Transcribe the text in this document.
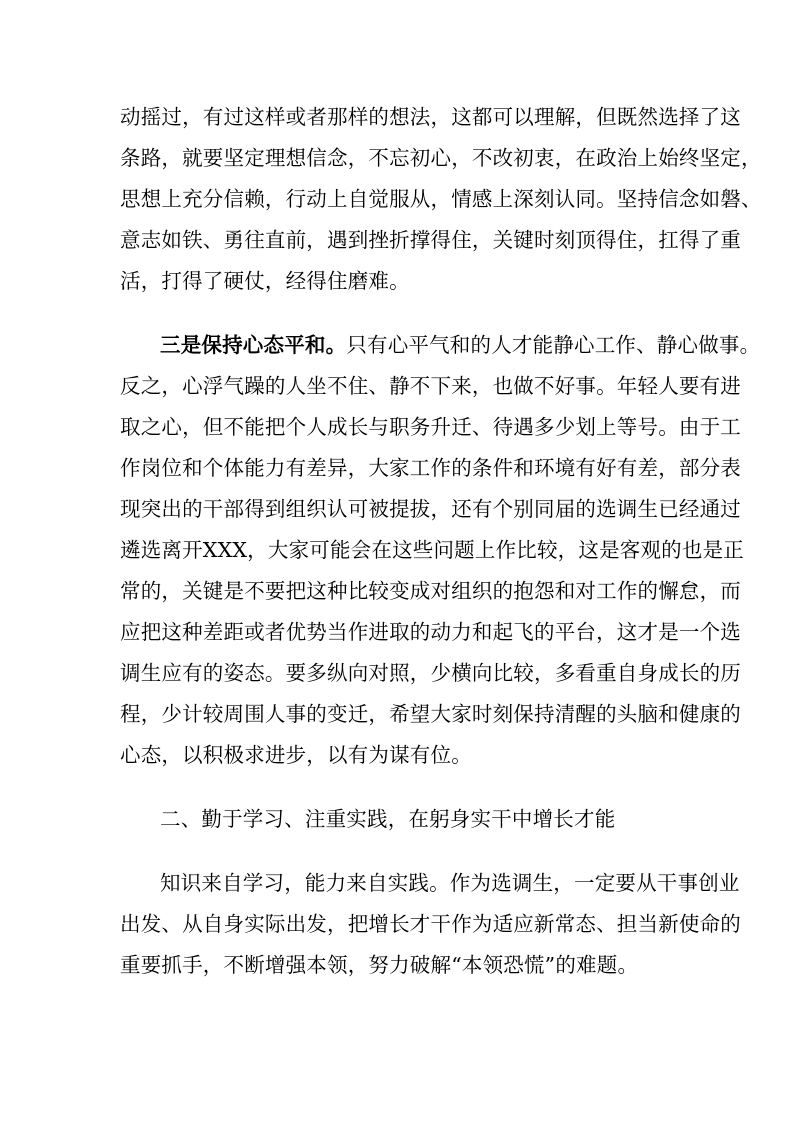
动摇过，有过这样或者那样的想法，这都可以理解，但既然选择了这
条路，就要坚定理想信念，不忘初心，不改初衷，在政治上始终坚定，
思想上充分信赖，行动上自觉服从，情感上深刻认同。坚持信念如磐、
意志如铁、勇往直前，遇到挫折撑得住，关键时刻顶得住，扛得了重
活，打得了硬仗，经得住磨难。
三是保持心态平和。只有心平气和的人才能静心工作、静心做事。
反之，心浮气躁的人坐不住、静不下来，也做不好事。年轻人要有进
取之心，但不能把个人成长与职务升迁、待遇多少划上等号。由于工
作岗位和个体能力有差异，大家工作的条件和环境有好有差，部分表
现突出的干部得到组织认可被提拔，还有个别同届的选调生已经通过
遴选离开XXX，大家可能会在这些问题上作比较，这是客观的也是正
常的，关键是不要把这种比较变成对组织的抱怨和对工作的懈怠，而
应把这种差距或者优势当作进取的动力和起飞的平台，这才是一个选
调生应有的姿态。要多纵向对照，少横向比较，多看重自身成长的历
程，少计较周围人事的变迁，希望大家时刻保持清醒的头脑和健康的
心态，以积极求进步，以有为谋有位。
二、勤于学习、注重实践，在躬身实干中增长才能
知识来自学习，能力来自实践。作为选调生，一定要从干事创业
出发、从自身实际出发，把增长才干作为适应新常态、担当新使命的
重要抓手，不断增强本领，努力破解“本领恐慌”的难题。
